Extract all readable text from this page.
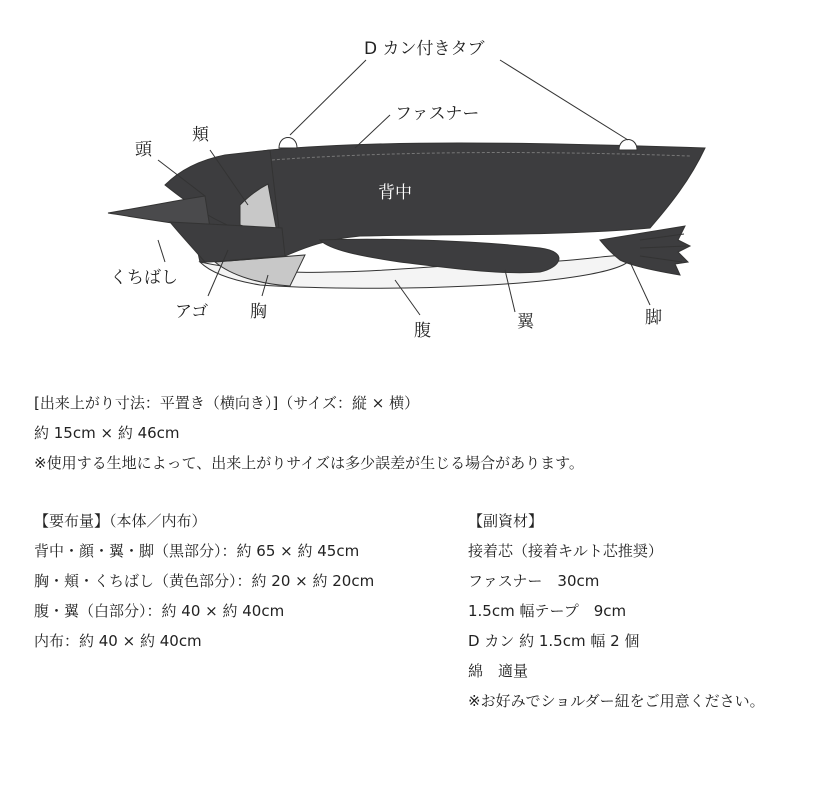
D カン付きタブ
ファスナー
頭
頬
背中
くちばし
アゴ 胸
腹	翼	脚
[出来上がり寸法：平置き（横向き）]（サイズ：縦 × 横）
約 15cm × 約 46cm
※使用する生地によって、出来上がりサイズは多少誤差が生じる場合があります。
【要布量】（本体／内布）
背中・顔・翼・脚（黒部分）：約 65 × 約 45cm
胸・頬・くちばし（黄色部分）：約 20 × 約 20cm
腹・翼（白部分）：約 40 × 約 40cm
内布：約 40 × 約 40cm
【副資材】
接着芯（接着キルト芯推奨）
ファスナー　30cm
1.5cm 幅テープ　9cm
D カン 約 1.5cm 幅 2 個
綿　適量
※お好みでショルダー紐をご用意ください。
